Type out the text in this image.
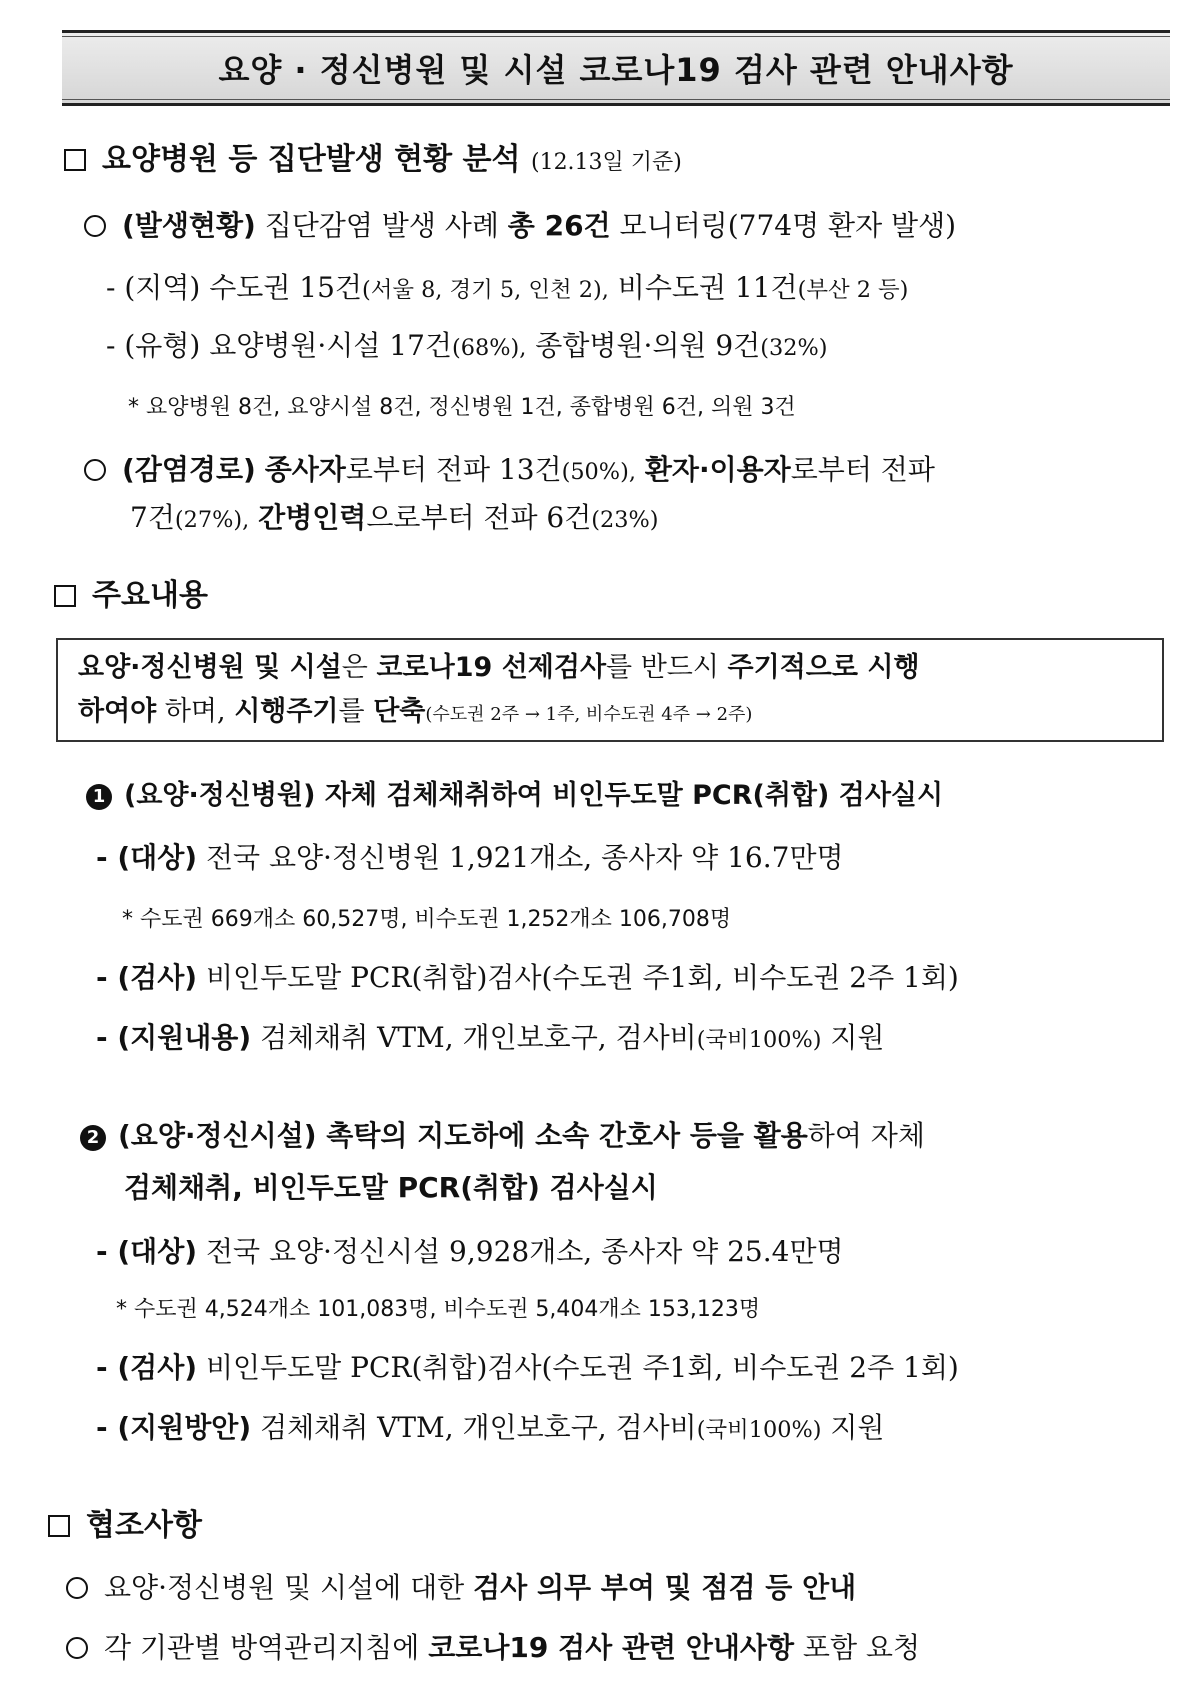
요양 · 정신병원 및 시설 코로나19 검사 관련 안내사항
요양병원 등 집단발생 현황 분석 (12.13일 기준)
(발생현황) 집단감염 발생 사례 총 26건 모니터링(774명 환자 발생)
- (지역) 수도권 15건(서울 8, 경기 5, 인천 2), 비수도권 11건(부산 2 등)
- (유형) 요양병원·시설 17건(68%), 종합병원·의원 9건(32%)
* 요양병원 8건, 요양시설 8건, 정신병원 1건, 종합병원 6건, 의원 3건
(감염경로) 종사자로부터 전파 13건(50%), 환자·이용자로부터 전파
7건(27%), 간병인력으로부터 전파 6건(23%)
주요내용
요양·정신병원 및 시설은 코로나19 선제검사를 반드시 주기적으로 시행
하여야 하며, 시행주기를 단축(수도권 2주 → 1주, 비수도권 4주 → 2주)
1 (요양·정신병원) 자체 검체채취하여 비인두도말 PCR(취합) 검사실시
- (대상) 전국 요양·정신병원 1,921개소, 종사자 약 16.7만명
* 수도권 669개소 60,527명, 비수도권 1,252개소 106,708명
- (검사) 비인두도말 PCR(취합)검사(수도권 주1회, 비수도권 2주 1회)
- (지원내용) 검체채취 VTM, 개인보호구, 검사비(국비100%) 지원
2 (요양·정신시설) 촉탁의 지도하에 소속 간호사 등을 활용하여 자체
검체채취, 비인두도말 PCR(취합) 검사실시
- (대상) 전국 요양·정신시설 9,928개소, 종사자 약 25.4만명
* 수도권 4,524개소 101,083명, 비수도권 5,404개소 153,123명
- (검사) 비인두도말 PCR(취합)검사(수도권 주1회, 비수도권 2주 1회)
- (지원방안) 검체채취 VTM, 개인보호구, 검사비(국비100%) 지원
협조사항
요양·정신병원 및 시설에 대한 검사 의무 부여 및 점검 등 안내
각 기관별 방역관리지침에 코로나19 검사 관련 안내사항 포함 요청
